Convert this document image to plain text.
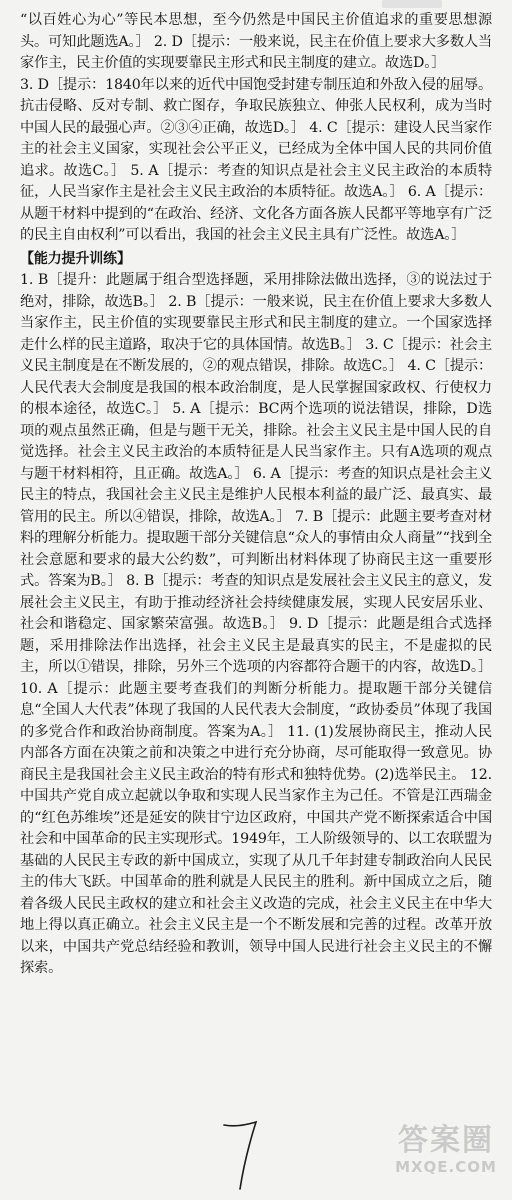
“以百姓心为心”等民本思想，至今仍然是中国民主价值追求的重要思想源头。可知此题选A。］ 2. D［提示：一般来说，民主在价值上要求大多数人当家作主，民主价值的实现要靠民主形式和民主制度的建立。故选D。］

3. D［提示：1840年以来的近代中国饱受封建专制压迫和外敌入侵的屈辱。抗击侵略、反对专制、救亡图存，争取民族独立、伸张人民权利，成为当时中国人民的最强心声。②③④正确，故选D。］ 4. C［提示：建设人民当家作主的社会主义国家，实现社会公平正义，已经成为全体中国人民的共同价值追求。故选C。］ 5. A［提示：考查的知识点是社会主义民主政治的本质特征，人民当家作主是社会主义民主政治的本质特征。故选A。］ 6. A［提示：从题干材料中提到的“在政治、经济、文化各方面各族人民都平等地享有广泛的民主自由权利”可以看出，我国的社会主义民主具有广泛性。故选A。］

【能力提升训练】

1. B［提升：此题属于组合型选择题，采用排除法做出选择，③的说法过于绝对，排除，故选B。］ 2. B［提示：一般来说，民主在价值上要求大多数人当家作主，民主价值的实现要靠民主形式和民主制度的建立。一个国家选择走什么样的民主道路，取决于它的具体国情。故选B。］ 3. C［提示：社会主义民主制度是在不断发展的，②的观点错误，排除。故选C。］ 4. C［提示：人民代表大会制度是我国的根本政治制度，是人民掌握国家政权、行使权力的根本途径，故选C。］ 5. A［提示：BC两个选项的说法错误，排除，D选项的观点虽然正确，但是与题干无关，排除。社会主义民主是中国人民的自觉选择。社会主义民主政治的本质特征是人民当家作主。只有A选项的观点与题干材料相符，且正确。故选A。］ 6. A［提示：考查的知识点是社会主义民主的特点，我国社会主义民主是维护人民根本利益的最广泛、最真实、最管用的民主。所以④错误，排除，故选A。］ 7. B［提示：此题主要考查对材料的理解分析能力。提取题干部分关键信息“众人的事情由众人商量”“找到全社会意愿和要求的最大公约数”，可判断出材料体现了协商民主这一重要形式。答案为B。］ 8. B［提示：考查的知识点是发展社会主义民主的意义，发展社会主义民主，有助于推动经济社会持续健康发展，实现人民安居乐业、社会和谐稳定、国家繁荣富强。故选B。］ 9. D［提示：此题是组合式选择题，采用排除法作出选择，社会主义民主是最真实的民主，不是虚拟的民主，所以①错误，排除，另外三个选项的内容都符合题干的内容，故选D。］ 10. A［提示：此题主要考查我们的判断分析能力。提取题干部分关键信息“全国人大代表”体现了我国的人民代表大会制度，“政协委员”体现了我国的多党合作和政治协商制度。答案为A。］ 11. (1)发展协商民主，推动人民内部各方面在决策之前和决策之中进行充分协商，尽可能取得一致意见。协商民主是我国社会主义民主政治的特有形式和独特优势。(2)选举民主。 12. 中国共产党自成立起就以争取和实现人民当家作主为己任。不管是江西瑞金的“红色苏维埃”还是延安的陕甘宁边区政府，中国共产党不断探索适合中国社会和中国革命的民主实现形式。1949年，工人阶级领导的、以工农联盟为基础的人民民主专政的新中国成立，实现了从几千年封建专制政治向人民民主的伟大飞跃。中国革命的胜利就是人民民主的胜利。新中国成立之后，随着各级人民民主政权的建立和社会主义改造的完成，社会主义民主在中华大地上得以真正确立。社会主义民主是一个不断发展和完善的过程。改革开放以来，中国共产党总结经验和教训，领导中国人民进行社会主义民主的不懈探索。

答案圈
MXQE.COM
